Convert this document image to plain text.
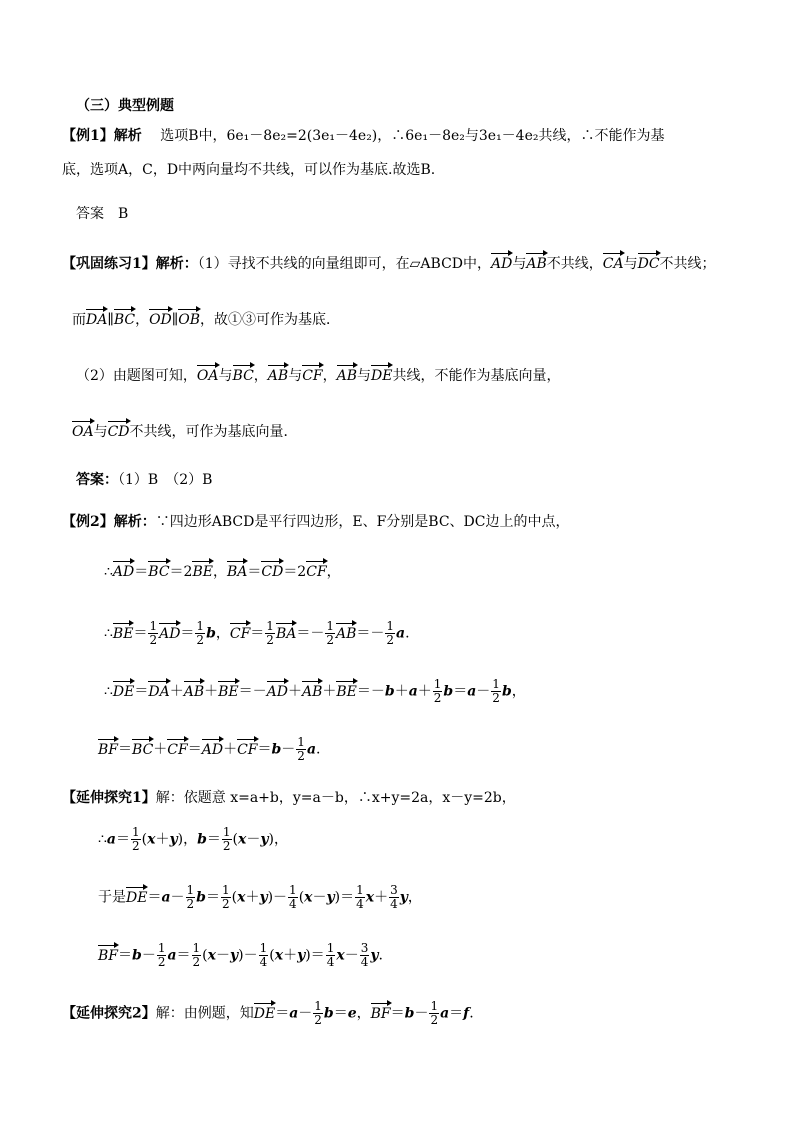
（三）典型例题
【例1】解析　 选项B中，6e₁－8e₂=2(3e₁－4e₂)，∴6e₁－8e₂与3e₁－4e₂共线，∴不能作为基
底，选项A，C，D中两向量均不共线，可以作为基底.故选B.
答案　B
【巩固练习1】解析：（1）寻找不共线的向量组即可，在▱ABCD中，AD与AB不共线，CA与DC不共线；
而DA∥BC，OD∥OB，故①③可作为基底．
（2）由题图可知，OA与BC，AB与CF，AB与DE共线，不能作为基底向量，
OA与CD不共线，可作为基底向量．
答案：（1）B　（2）B
【例2】解析：∵四边形ABCD是平行四边形，E、F分别是BC、DC边上的中点，
∴AD＝BC＝2BE，BA＝CD＝2CF，
∴BE＝ $\frac{1}{2} AD= \frac{1}{2}$ b，$CF= \frac{1}{2} BA=- \frac{1}{2} AB=- \frac{1}{2} a$.
∴DE＝DA＋AB＋BE＝－AD＋AB＋BE＝－b＋a＋ $\frac{1}{2} b=a- \frac{1}{2}$ b，
$BF=BC+CF=AD+CF=b- \frac{1}{2} a$.
【延伸探究1】解：依题意 x=a+b，y=a－b，∴x+y=2a，x－y=2b，
∴a＝ $\frac{1}{2} (x+y)$，$b= \frac{1}{2} (x-y)$，
于是$DE=a- \frac{1}{2} b= \frac{1}{2} (x+y)- \frac{1}{4} (x-y)= \frac{1}{4} x+ \frac{3}{4}$ y，
$BF=b- \frac{1}{2} a= \frac{1}{2} (x-y)- \frac{1}{4} (x+y)= \frac{1}{4} x- \frac{3}{4} y$.
【延伸探究2】解：由例题，知$DE=a- \frac{1}{2} b=e$，$BF=b- \frac{1}{2} a=f$.
